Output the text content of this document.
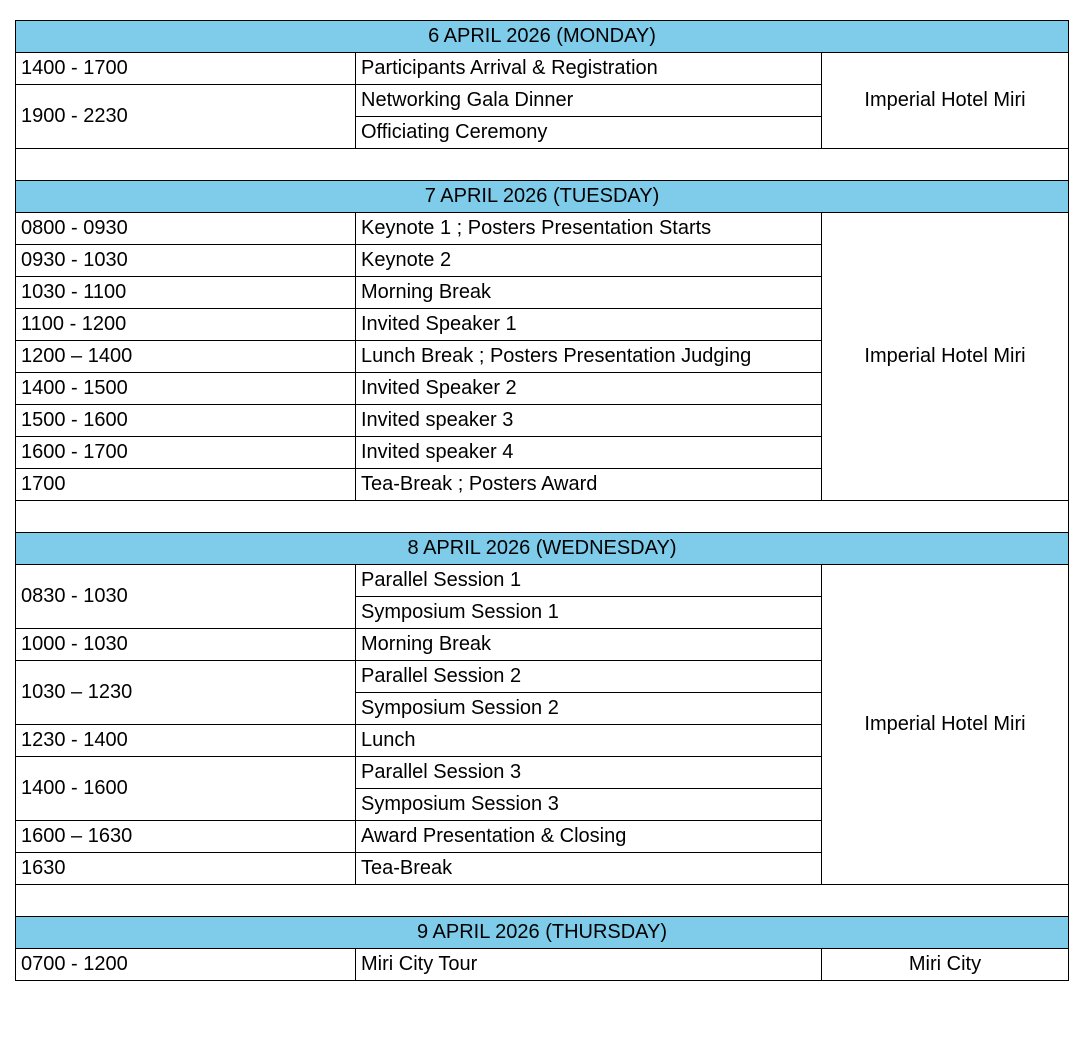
6 APRIL 2026 (MONDAY)		
1400 - 1700	Participants Arrival & Registration	Imperial Hotel Miri
1900 - 2230	Networking Gala Dinner	
	Officiating Ceremony	

7 APRIL 2026 (TUESDAY)		
0800 - 0930	Keynote 1 ; Posters Presentation Starts	Imperial Hotel Miri
0930 - 1030	Keynote 2	
1030 - 1100	Morning Break	
1100 - 1200	Invited Speaker 1	
1200 – 1400	Lunch Break ; Posters Presentation Judging	
1400 - 1500	Invited Speaker 2	
1500 - 1600	Invited speaker 3	
1600 - 1700	Invited speaker 4	
1700	Tea-Break ; Posters Award	

8 APRIL 2026 (WEDNESDAY)		
0830 - 1030	Parallel Session 1	Imperial Hotel Miri
	Symposium Session 1	
1000 - 1030	Morning Break	
1030 – 1230	Parallel Session 2	
	Symposium Session 2	
1230 - 1400	Lunch	
1400 - 1600	Parallel Session 3	
	Symposium Session 3	
1600 – 1630	Award Presentation & Closing	
1630	Tea-Break	

9 APRIL 2026 (THURSDAY)		
0700 - 1200	Miri City Tour	Miri City
